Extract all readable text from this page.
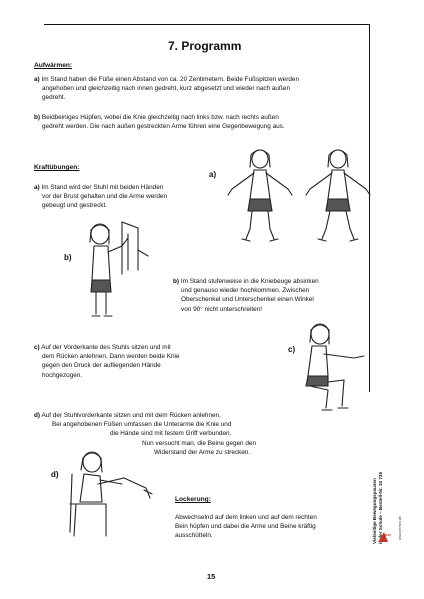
7. Programm
Aufwärmen:
a) Im Stand haben die Füße einen Abstand von ca. 20 Zentimetern. Beide Fußspitzen werden
angehoben und gleichzeitig nach innen gedreht, kurz abgesetzt und wieder nach außen
gedreht.
b) Beidbeiniges Hüpfen, wobei die Knie gleichzeitig nach links bzw. nach rechts außen
gedreht werden. Die nach außen gestreckten Arme führen eine Gegenbewegung aus.
Kraftübungen:
a) Im Stand wird der Stuhl mit beiden Händen
vor der Brust gehalten und die Arme werden
gebeugt und gestreckt.
b) Im Stand stufenweise in die Kniebeuge absinken
und genauso wieder hochkommen. Zwischen
Oberschenkel und Unterschenkel einen Winkel
von 90° nicht unterschreiten!
c) Auf der Vorderkante des Stuhls sitzen und mit
dem Rücken anlehnen. Dann werden beide Knie
gegen den Druck der aufliegenden Hände
hochgezogen.
d) Auf der Stuhlvorderkante sitzen und mit dem Rücken anlehnen.
Bei angehobenen Füßen umfassen die Unterarme die Knie und
die Hände sind mit festem Griff verbunden.
Nun versucht man, die Beine gegen den
Widerstand der Arme zu strecken.
Lockerung:
Abwechselnd auf dem linken und auf dem rechten
Bein hüpfen und dabei die Arme und Beine kräftig
ausschütteln.
a)
b)
c)
d)
Vielseitige Bewegungspausen in der Schule – Bestell-Nr. 10 735 Auer www.persen.de
15
